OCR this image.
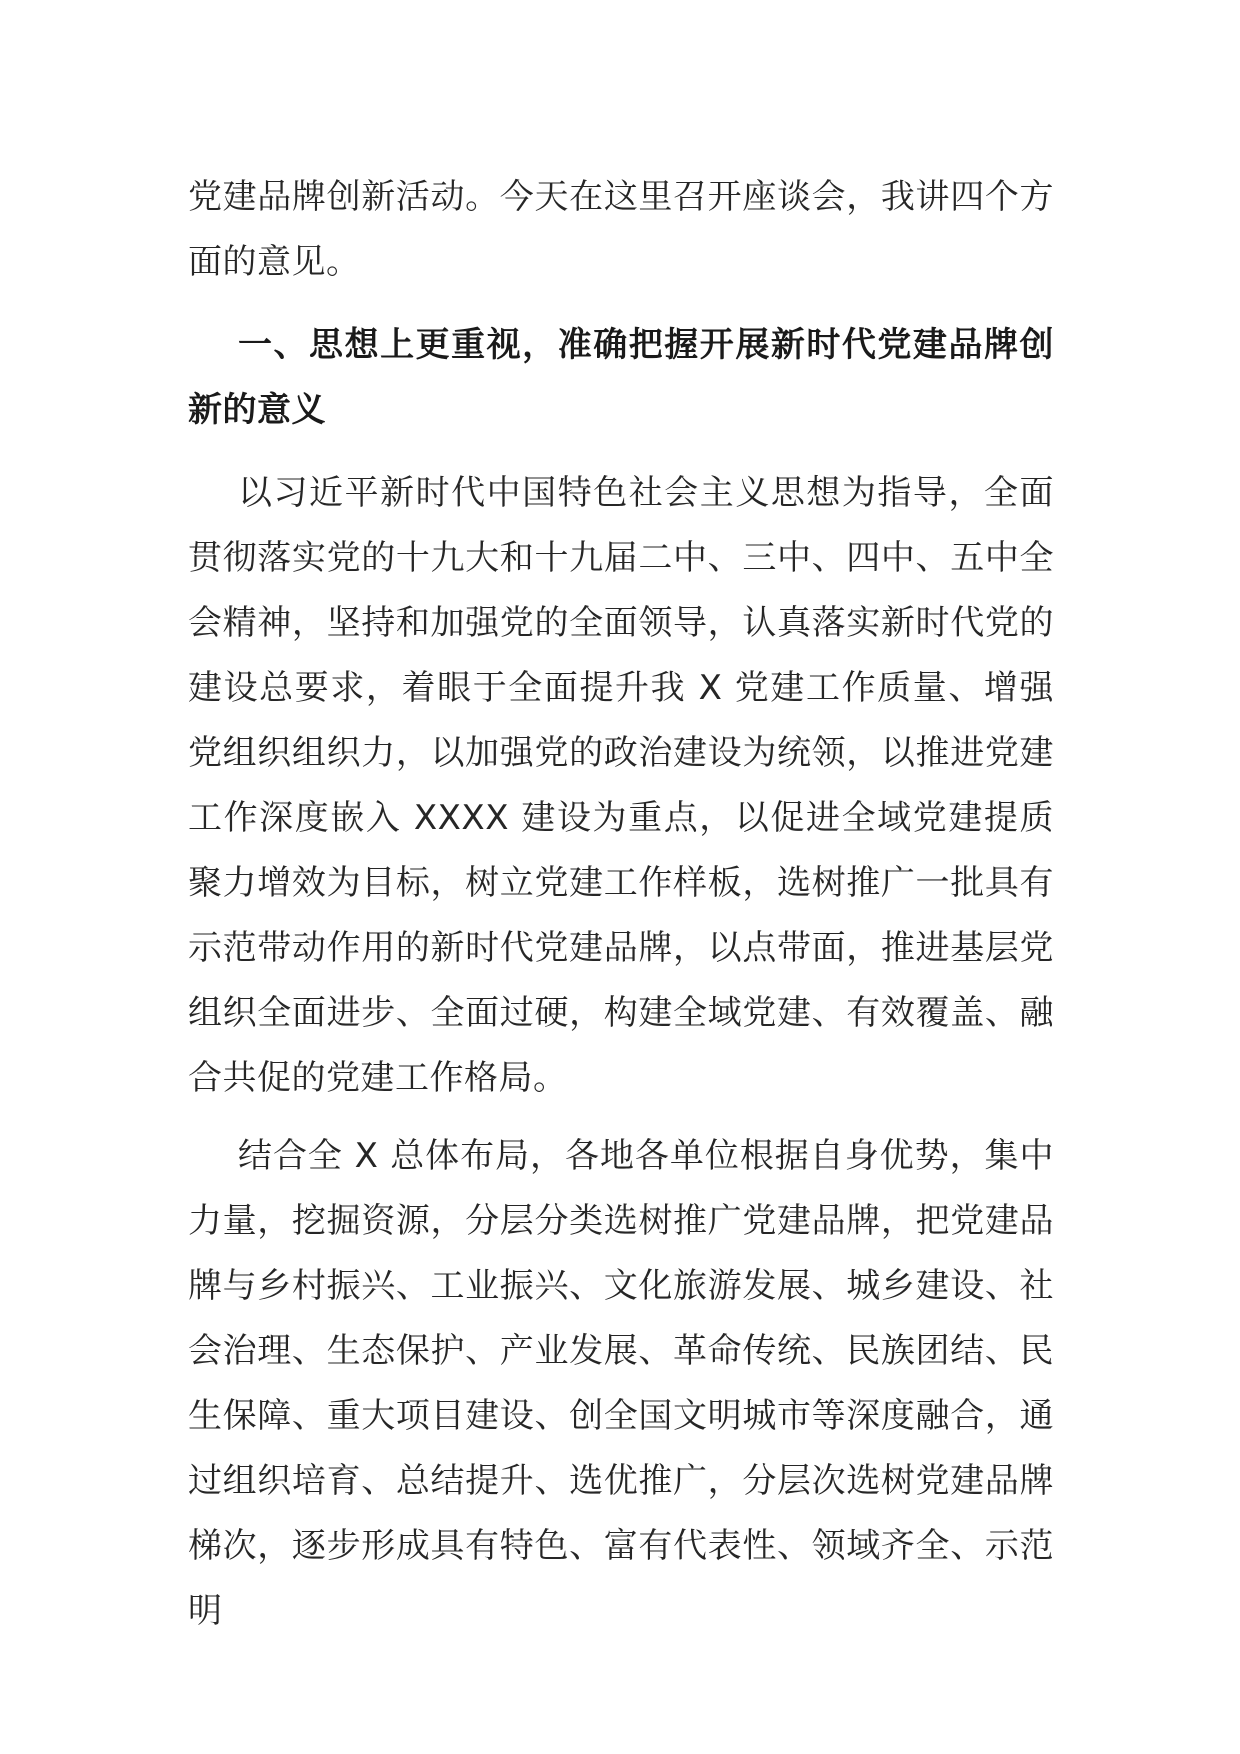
党建品牌创新活动。今天在这里召开座谈会，我讲四个方面的意见。

一、思想上更重视，准确把握开展新时代党建品牌创新的意义

以习近平新时代中国特色社会主义思想为指导，全面贯彻落实党的十九大和十九届二中、三中、四中、五中全会精神，坚持和加强党的全面领导，认真落实新时代党的建设总要求，着眼于全面提升我 X 党建工作质量、增强党组织组织力，以加强党的政治建设为统领，以推进党建工作深度嵌入 XXXX 建设为重点，以促进全域党建提质聚力增效为目标，树立党建工作样板，选树推广一批具有示范带动作用的新时代党建品牌，以点带面，推进基层党组织全面进步、全面过硬，构建全域党建、有效覆盖、融合共促的党建工作格局。

结合全 X 总体布局，各地各单位根据自身优势，集中力量，挖掘资源，分层分类选树推广党建品牌，把党建品牌与乡村振兴、工业振兴、文化旅游发展、城乡建设、社会治理、生态保护、产业发展、革命传统、民族团结、民生保障、重大项目建设、创全国文明城市等深度融合，通过组织培育、总结提升、选优推广，分层次选树党建品牌梯次，逐步形成具有特色、富有代表性、领域齐全、示范明
